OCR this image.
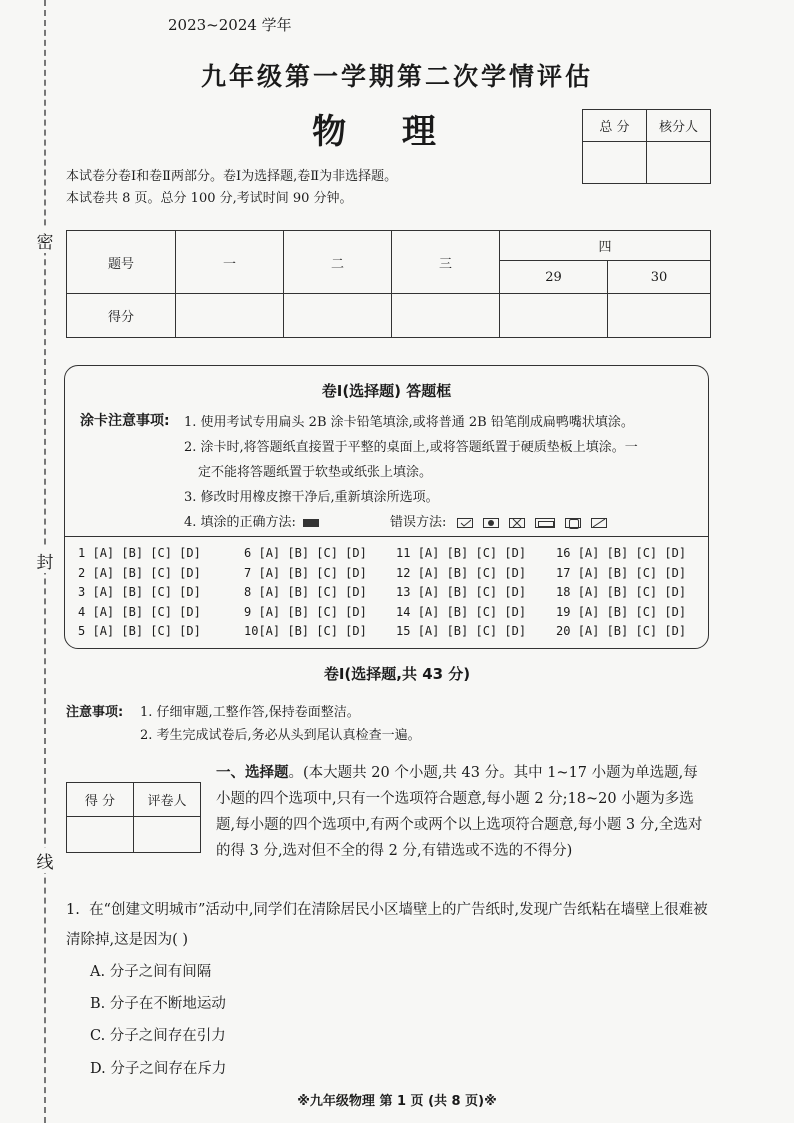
密
封
线
2023~2024 学年
九年级第一学期第二次学情评估
物 理	总 分	核分人

本试卷分卷Ⅰ和卷Ⅱ两部分。卷Ⅰ为选择题,卷Ⅱ为非选择题。
本试卷共 8 页。总分 100 分,考试时间 90 分钟。
题号	一	二	三	四	
				29	30
得分					
卷Ⅰ(选择题) 答题框
涂卡注意事项: 1. 使用考试专用扁头 2B 涂卡铅笔填涂,或将普通 2B 铅笔削成扁鸭嘴状填涂。
2. 涂卡时,将答题纸直接置于平整的桌面上,或将答题纸置于硬质垫板上填涂。一
定不能将答题纸置于软垫或纸张上填涂。
3. 修改时用橡皮擦干净后,重新填涂所选项。
4. 填涂的正确方法:	错误方法:

1 [A] [B] [C] [D]
2 [A] [B] [C] [D]
3 [A] [B] [C] [D]
4 [A] [B] [C] [D]
5 [A] [B] [C] [D]
6 [A] [B] [C] [D]
7 [A] [B] [C] [D]
8 [A] [B] [C] [D]
9 [A] [B] [C] [D]
10[A] [B] [C] [D]
11 [A] [B] [C] [D]
12 [A] [B] [C] [D]
13 [A] [B] [C] [D]
14 [A] [B] [C] [D]
15 [A] [B] [C] [D]
16 [A] [B] [C] [D]
17 [A] [B] [C] [D]
18 [A] [B] [C] [D]
19 [A] [B] [C] [D]
20 [A] [B] [C] [D]
卷Ⅰ(选择题,共 43 分)
注意事项: 1. 仔细审题,工整作答,保持卷面整洁。
2. 考生完成试卷后,务必从头到尾认真检查一遍。
得 分	评卷人

一、选择题。(本大题共 20 个小题,共 43 分。其中 1~17 小题为单选题,每小题的四个选项中,只有一个选项符合题意,每小题 2 分;18~20 小题为多选题,每小题的四个选项中,有两个或两个以上选项符合题意,每小题 3 分,全选对的得 3 分,选对但不全的得 2 分,有错选或不选的不得分)
1. 在“创建文明城市”活动中,同学们在清除居民小区墙壁上的广告纸时,发现广告纸粘在墙壁上很难被清除掉,这是因为( )
A. 分子之间有间隔
B. 分子在不断地运动
C. 分子之间存在引力
D. 分子之间存在斥力
※九年级物理 第 1 页 (共 8 页)※
